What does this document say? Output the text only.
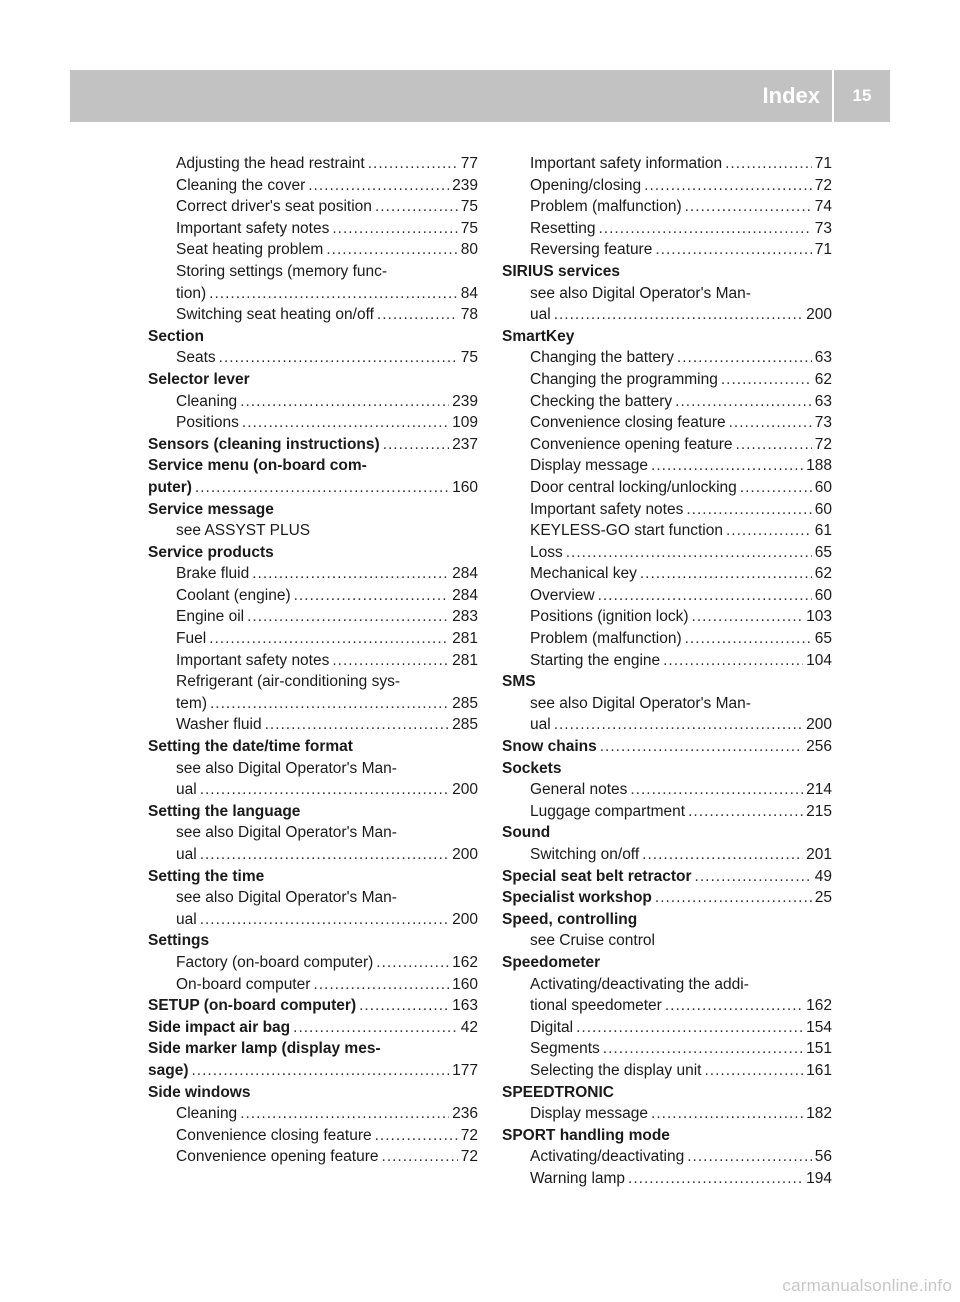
Index	15
Adjusting the head restraint .....	77
Cleaning the cover .....	239
Correct driver's seat position .....	75
Important safety notes .....	75
Seat heating problem .....	80
Storing settings (memory func-
tion) .....	84
Switching seat heating on/off .....	78
Section
Seats .....	75
Selector lever
Cleaning .....	239
Positions .....	109
Sensors (cleaning instructions) .....	237
Service menu (on-board com-
puter) .....	160
Service message
see ASSYST PLUS
Service products
Brake fluid .....	284
Coolant (engine) .....	284
Engine oil .....	283
Fuel .....	281
Important safety notes .....	281
Refrigerant (air-conditioning sys-
tem) .....	285
Washer fluid .....	285
Setting the date/time format
see also Digital Operator's Man-
ual .....	200
Setting the language
see also Digital Operator's Man-
ual .....	200
Setting the time
see also Digital Operator's Man-
ual .....	200
Settings
Factory (on-board computer) .....	162
On-board computer .....	160
SETUP (on-board computer) .....	163
Side impact air bag .....	42
Side marker lamp (display mes-
sage) .....	177
Side windows
Cleaning .....	236
Convenience closing feature .....	72
Convenience opening feature .....	72
Important safety information .....	71
Opening/closing .....	72
Problem (malfunction) .....	74
Resetting .....	73
Reversing feature .....	71
SIRIUS services
see also Digital Operator's Man-
ual .....	200
SmartKey
Changing the battery .....	63
Changing the programming .....	62
Checking the battery .....	63
Convenience closing feature .....	73
Convenience opening feature .....	72
Display message .....	188
Door central locking/unlocking .....	60
Important safety notes .....	60
KEYLESS-GO start function .....	61
Loss .....	65
Mechanical key .....	62
Overview .....	60
Positions (ignition lock) .....	103
Problem (malfunction) .....	65
Starting the engine .....	104
SMS
see also Digital Operator's Man-
ual .....	200
Snow chains .....	256
Sockets
General notes .....	214
Luggage compartment .....	215
Sound
Switching on/off .....	201
Special seat belt retractor .....	49
Specialist workshop .....	25
Speed, controlling
see Cruise control
Speedometer
Activating/deactivating the addi-
tional speedometer .....	162
Digital .....	154
Segments .....	151
Selecting the display unit .....	161
SPEEDTRONIC
Display message .....	182
SPORT handling mode
Activating/deactivating .....	56
Warning lamp .....	194
carmanualsonline.info
